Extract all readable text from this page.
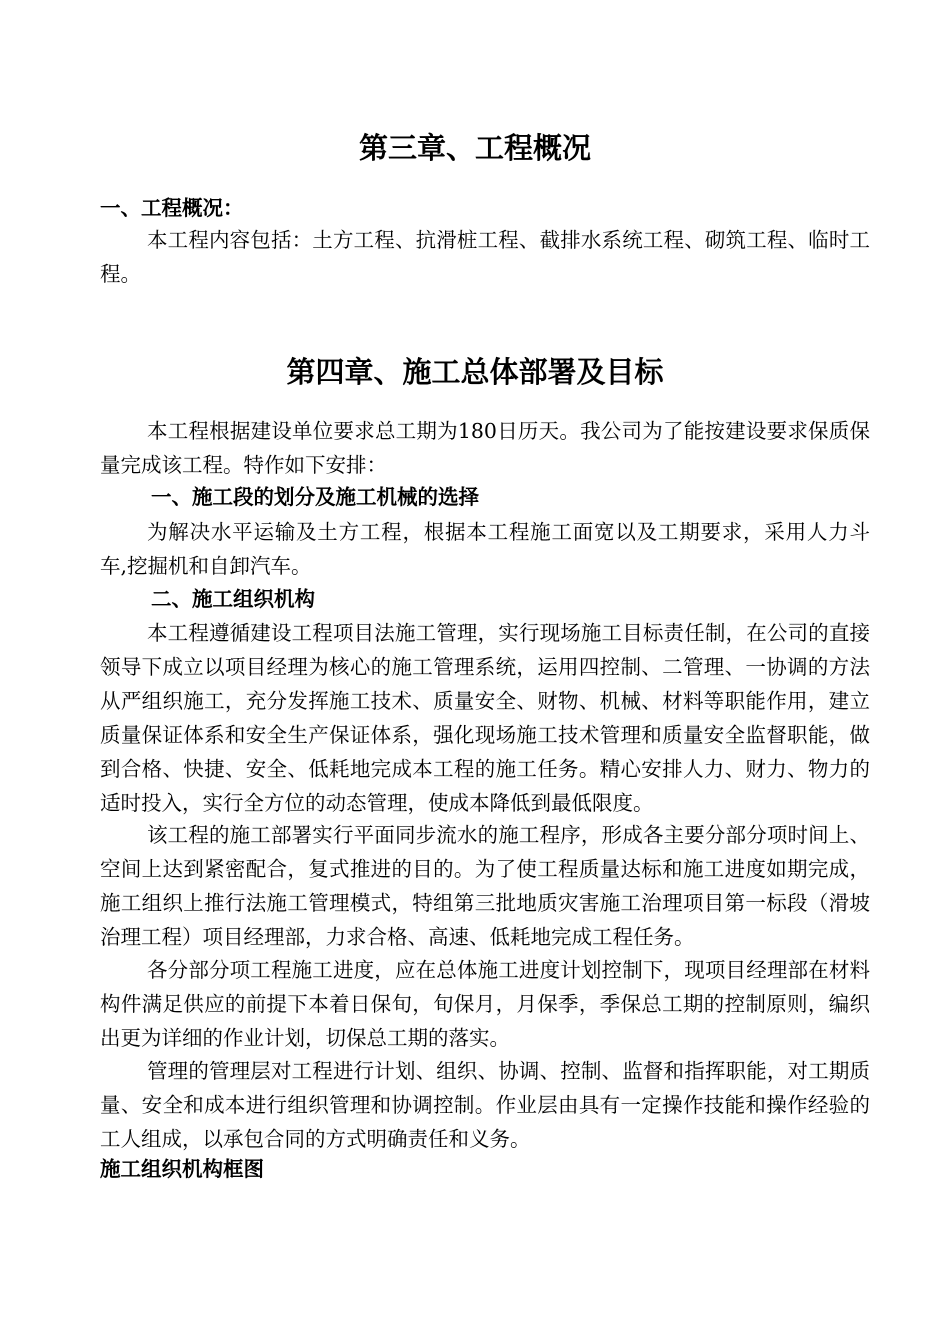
第三章、工程概况
一、工程概况：

本工程内容包括：土方工程、抗滑桩工程、截排水系统工程、砌筑工程、临时工程。

第四章、施工总体部署及目标

本工程根据建设单位要求总工期为180日历天。我公司为了能按建设要求保质保量完成该工程。特作如下安排：

一、施工段的划分及施工机械的选择

为解决水平运输及土方工程，根据本工程施工面宽以及工期要求，采用人力斗车,挖掘机和自卸汽车。

二、施工组织机构

本工程遵循建设工程项目法施工管理，实行现场施工目标责任制，在公司的直接领导下成立以项目经理为核心的施工管理系统，运用四控制、二管理、一协调的方法从严组织施工，充分发挥施工技术、质量安全、财物、机械、材料等职能作用，建立质量保证体系和安全生产保证体系，强化现场施工技术管理和质量安全监督职能，做到合格、快捷、安全、低耗地完成本工程的施工任务。精心安排人力、财力、物力的适时投入，实行全方位的动态管理，使成本降低到最低限度。

该工程的施工部署实行平面同步流水的施工程序，形成各主要分部分项时间上、空间上达到紧密配合，复式推进的目的。为了使工程质量达标和施工进度如期完成，施工组织上推行法施工管理模式，特组第三批地质灾害施工治理项目第一标段（滑坡治理工程）项目经理部，力求合格、高速、低耗地完成工程任务。

各分部分项工程施工进度，应在总体施工进度计划控制下，现项目经理部在材料构件满足供应的前提下本着日保旬，旬保月，月保季，季保总工期的控制原则，编织出更为详细的作业计划，切保总工期的落实。

管理的管理层对工程进行计划、组织、协调、控制、监督和指挥职能，对工期质量、安全和成本进行组织管理和协调控制。作业层由具有一定操作技能和操作经验的工人组成，以承包合同的方式明确责任和义务。

施工组织机构框图
